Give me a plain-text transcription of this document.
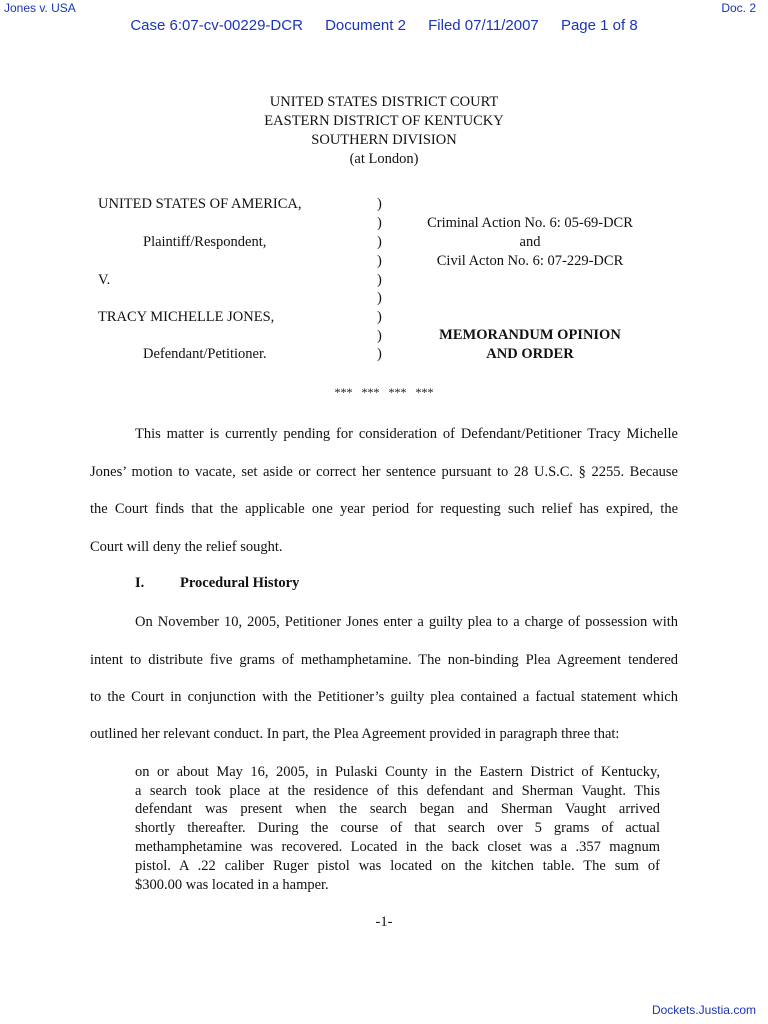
Jones v. USA	Doc. 2
Case 6:07-cv-00229-DCR Document 2 Filed 07/11/2007 Page 1 of 8
UNITED STATES DISTRICT COURT
EASTERN DISTRICT OF KENTUCKY
SOUTHERN DIVISION
(at London)
UNITED STATES OF AMERICA,
Plaintiff/Respondent,
V.
TRACY MICHELLE JONES,
Defendant/Petitioner.
)
)
)
)
)
)
)
)
)
Criminal Action No. 6: 05-69-DCR
and
Civil Acton No. 6: 07-229-DCR
MEMORANDUM OPINION
AND ORDER
***   ***   ***   ***
This matter is currently pending for consideration of Defendant/Petitioner Tracy Michelle
Jones’ motion to vacate, set aside or correct her sentence pursuant to 28 U.S.C. § 2255. Because
the Court finds that the applicable one year period for requesting such relief has expired, the
Court will deny the relief sought.
I. Procedural History
On November 10, 2005, Petitioner Jones enter a guilty plea to a charge of possession with
intent to distribute five grams of methamphetamine. The non-binding Plea Agreement tendered
to the Court in conjunction with the Petitioner’s guilty plea contained a factual statement which
outlined her relevant conduct. In part, the Plea Agreement provided in paragraph three that:
on or about May 16, 2005, in Pulaski County in the Eastern District of Kentucky,
a search took place at the residence of this defendant and Sherman Vaught. This
defendant was present when the search began and Sherman Vaught arrived
shortly thereafter. During the course of that search over 5 grams of actual
methamphetamine was recovered. Located in the back closet was a .357 magnum
pistol. A .22 caliber Ruger pistol was located on the kitchen table. The sum of
$300.00 was located in a hamper.
-1-
Dockets.Justia.com
